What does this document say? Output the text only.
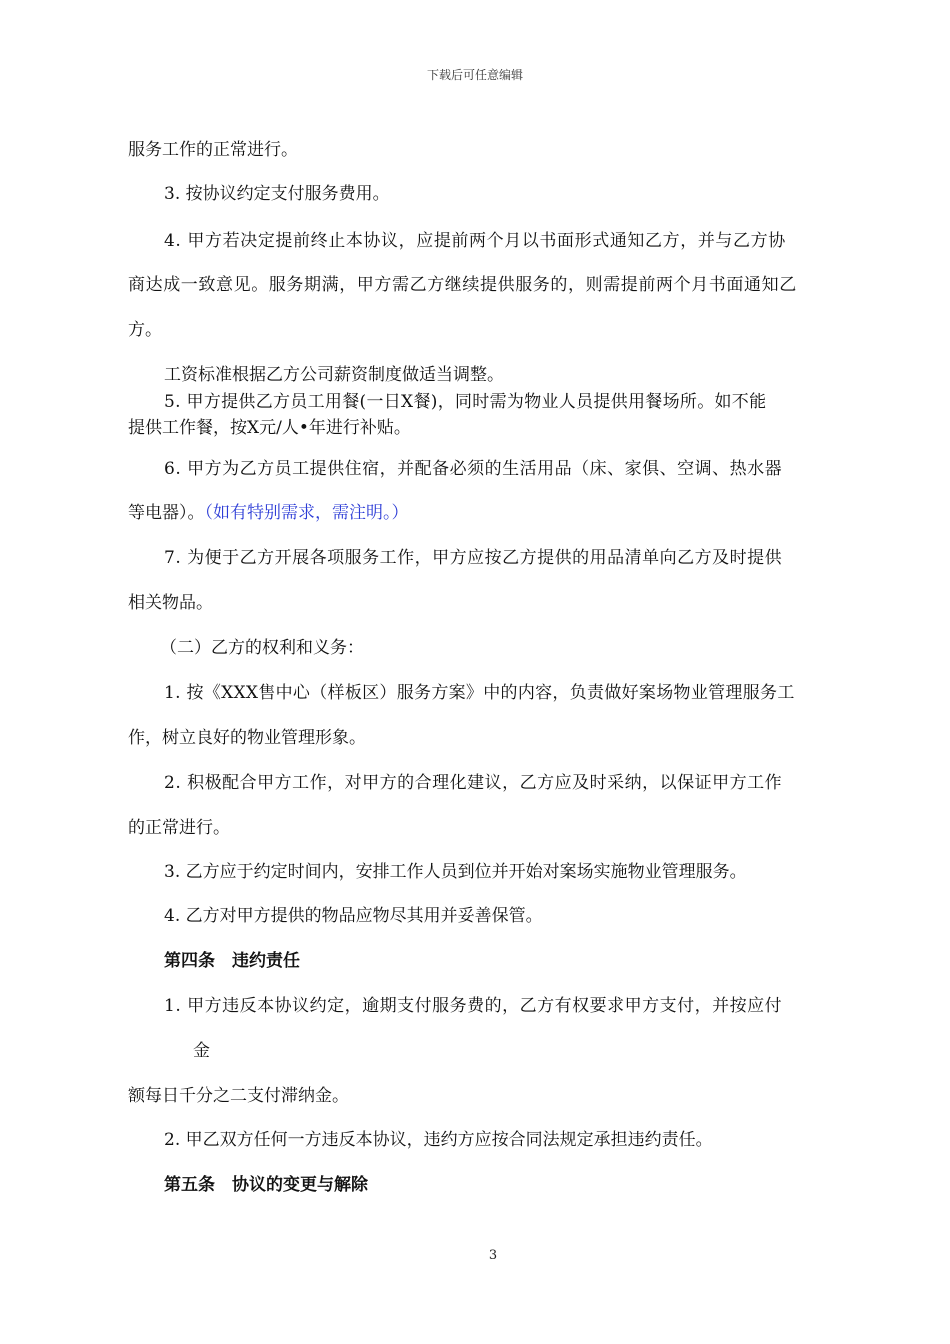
下载后可任意编辑
服务工作的正常进行。
3. 按协议约定支付服务费用。
4. 甲方若决定提前终止本协议，应提前两个月以书面形式通知乙方，并与乙方协
商达成一致意见。服务期满，甲方需乙方继续提供服务的，则需提前两个月书面通知乙
方。
工资标准根据乙方公司薪资制度做适当调整。
5. 甲方提供乙方员工用餐(一日X餐)，同时需为物业人员提供用餐场所。如不能
提供工作餐，按X元/人•年进行补贴。
6. 甲方为乙方员工提供住宿，并配备必须的生活用品（床、家俱、空调、热水器
等电器）。（如有特别需求，需注明。）
7. 为便于乙方开展各项服务工作，甲方应按乙方提供的用品清单向乙方及时提供
相关物品。
（二）乙方的权利和义务：
1. 按《XXX售中心（样板区）服务方案》中的内容，负责做好案场物业管理服务工
作，树立良好的物业管理形象。
2. 积极配合甲方工作，对甲方的合理化建议，乙方应及时采纳，以保证甲方工作
的正常进行。
3. 乙方应于约定时间内，安排工作人员到位并开始对案场实施物业管理服务。
4. 乙方对甲方提供的物品应物尽其用并妥善保管。
第四条　违约责任
1. 甲方违反本协议约定，逾期支付服务费的，乙方有权要求甲方支付，并按应付
金
额每日千分之二支付滞纳金。
2. 甲乙双方任何一方违反本协议，违约方应按合同法规定承担违约责任。
第五条　协议的变更与解除
3
